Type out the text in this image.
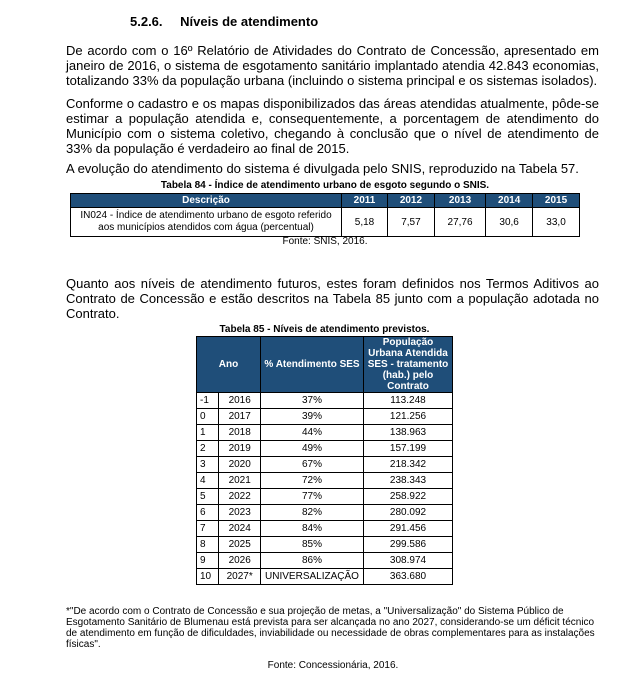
5.2.6. Níveis de atendimento

De acordo com o 16º Relatório de Atividades do Contrato de Concessão, apresentado em janeiro de 2016, o sistema de esgotamento sanitário implantado atendia 42.843 economias, totalizando 33% da população urbana (incluindo o sistema principal e os sistemas isolados).

Conforme o cadastro e os mapas disponibilizados das áreas atendidas atualmente, pôde-se estimar a população atendida e, consequentemente, a porcentagem de atendimento do Município com o sistema coletivo, chegando à conclusão que o nível de atendimento de 33% da população é verdadeiro ao final de 2015.

A evolução do atendimento do sistema é divulgada pelo SNIS, reproduzido na Tabela 57.

Tabela 84 - Índice de atendimento urbano de esgoto segundo o SNIS.
Descrição	2011	2012	2013	2014	2015
IN024 - Índice de atendimento urbano de esgoto referido aos municípios atendidos com água (percentual)	5,18	7,57	27,76	30,6	33,0
Fonte: SNIS, 2016.

Quanto aos níveis de atendimento futuros, estes foram definidos nos Termos Aditivos ao Contrato de Concessão e estão descritos na Tabela 85 junto com a população adotada no Contrato.

Tabela 85 - Níveis de atendimento previstos.
Ano		% Atendimento SES	População Urbana Atendida SES - tratamento (hab.) pelo Contrato
-1	2016	37%	113.248
0	2017	39%	121.256
1	2018	44%	138.963
2	2019	49%	157.199
3	2020	67%	218.342
4	2021	72%	238.343
5	2022	77%	258.922
6	2023	82%	280.092
7	2024	84%	291.456
8	2025	85%	299.586
9	2026	86%	308.974
10	2027*	UNIVERSALIZAÇÃO	363.680

*"De acordo com o Contrato de Concessão e sua projeção de metas, a "Universalização" do Sistema Público de Esgotamento Sanitário de Blumenau está prevista para ser alcançada no ano 2027, considerando-se um déficit técnico de atendimento em função de dificuldades, inviabilidade ou necessidade de obras complementares para as instalações físicas".

Fonte: Concessionária, 2016.
